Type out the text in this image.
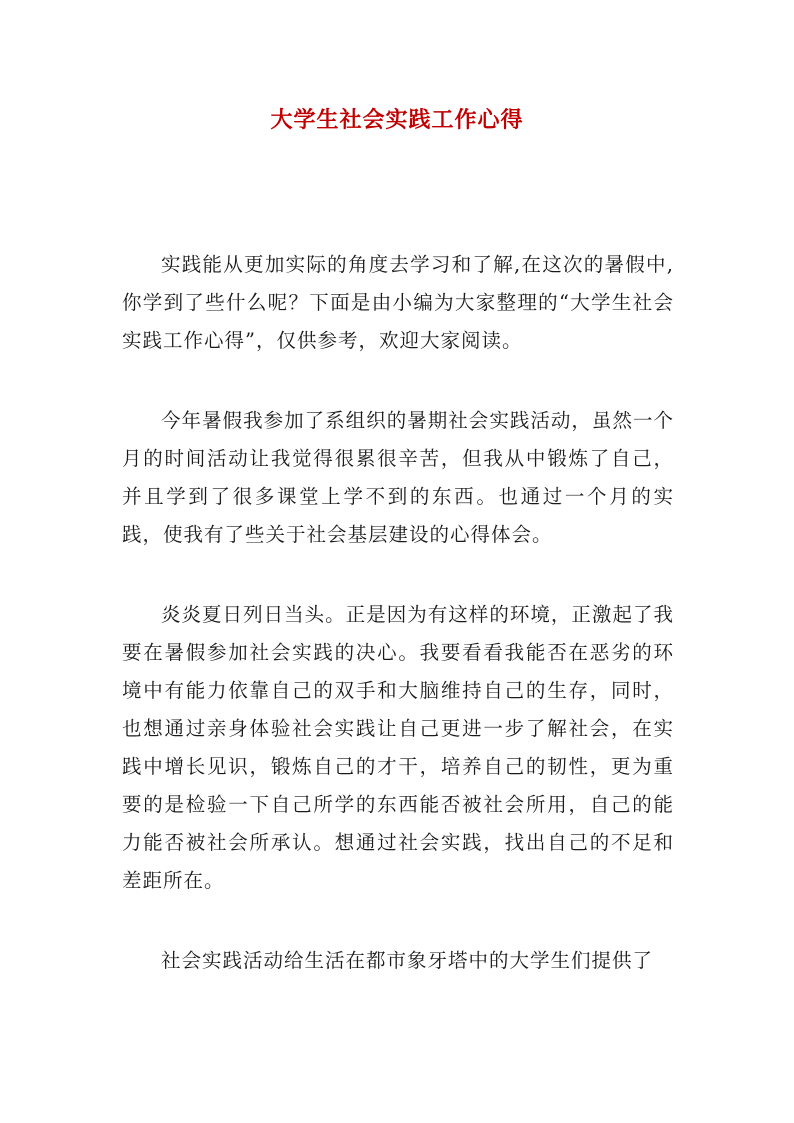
大学生社会实践工作心得

实践能从更加实际的角度去学习和了解,在这次的暑假中,你学到了些什么呢？下面是由小编为大家整理的“大学生社会实践工作心得”，仅供参考，欢迎大家阅读。

今年暑假我参加了系组织的暑期社会实践活动，虽然一个月的时间活动让我觉得很累很辛苦，但我从中锻炼了自己，并且学到了很多课堂上学不到的东西。也通过一个月的实践，使我有了些关于社会基层建设的心得体会。

炎炎夏日列日当头。正是因为有这样的环境，正激起了我要在暑假参加社会实践的决心。我要看看我能否在恶劣的环境中有能力依靠自己的双手和大脑维持自己的生存，同时，也想通过亲身体验社会实践让自己更进一步了解社会，在实践中增长见识，锻炼自己的才干，培养自己的韧性，更为重要的是检验一下自己所学的东西能否被社会所用，自己的能力能否被社会所承认。想通过社会实践，找出自己的不足和差距所在。

社会实践活动给生活在都市象牙塔中的大学生们提供了
